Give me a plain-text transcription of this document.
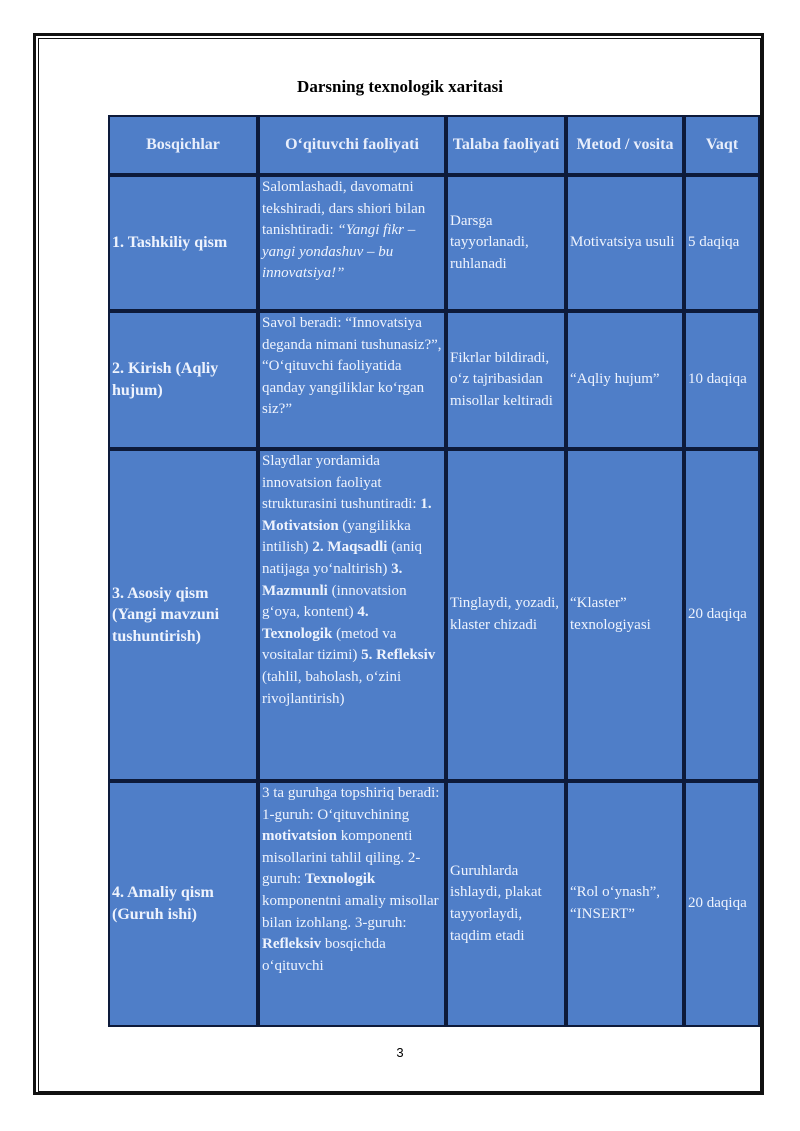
Darsning texnologik xaritasi
Bosqichlar	O‘qituvchi faoliyati	Talaba faoliyati	Metod / vosita	Vaqt
1. Tashkiliy qism	Salomlashadi, davomatni tekshiradi, dars shiori bilan tanishtiradi: “Yangi fikr – yangi yondashuv – bu innovatsiya!”	Darsga tayyorlanadi, ruhlanadi	Motivatsiya usuli	5 daqiqa
2. Kirish (Aqliy hujum)	Savol beradi: “Innovatsiya deganda nimani tushunasiz?”, “O‘qituvchi faoliyatida qanday yangiliklar ko‘rgan siz?”	Fikrlar bildiradi, o‘z tajribasidan misollar keltiradi	“Aqliy hujum”	10 daqiqa
3. Asosiy qism (Yangi mavzuni tushuntirish)	Slaydlar yordamida innovatsion faoliyat strukturasini tushuntiradi: 1. Motivatsion (yangilikka intilish) 2. Maqsadli (aniq natijaga yo‘naltirish) 3. Mazmunli (innovatsion g‘oya, kontent) 4. Texnologik (metod va vositalar tizimi) 5. Refleksiv (tahlil, baholash, o‘zini rivojlantirish)	Tinglaydi, yozadi, klaster chizadi	“Klaster” texnologiyasi	20 daqiqa
4. Amaliy qism (Guruh ishi)	3 ta guruhga topshiriq beradi: 1-guruh: O‘qituvchining motivatsion komponenti misollarini tahlil qiling. 2-guruh: Texnologik komponentni amaliy misollar bilan izohlang. 3-guruh: Refleksiv bosqichda o‘qituvchi	Guruhlarda ishlaydi, plakat tayyorlaydi, taqdim etadi	“Rol o‘ynash”, “INSERT”	20 daqiqa
3
